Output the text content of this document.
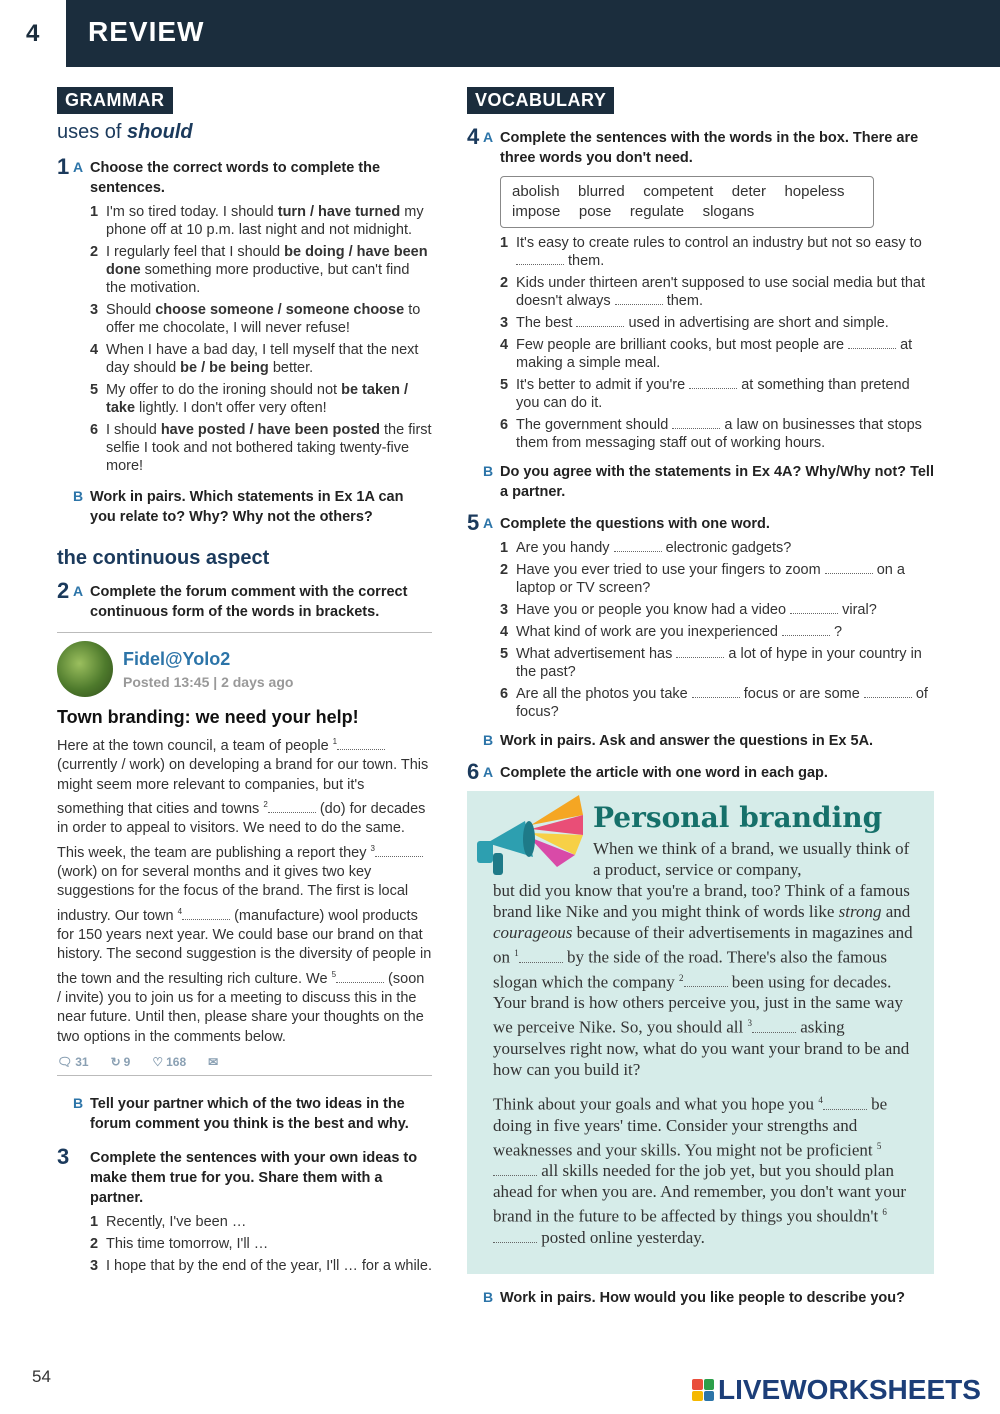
4 REVIEW
GRAMMAR
uses of should
1 A Choose the correct words to complete the sentences.
1 I'm so tired today. I should turn / have turned my phone off at 10 p.m. last night and not midnight.
2 I regularly feel that I should be doing / have been done something more productive, but can't find the motivation.
3 Should choose someone / someone choose to offer me chocolate, I will never refuse!
4 When I have a bad day, I tell myself that the next day should be / be being better.
5 My offer to do the ironing should not be taken / take lightly. I don't offer very often!
6 I should have posted / have been posted the first selfie I took and not bothered taking twenty-five more!
B Work in pairs. Which statements in Ex 1A can you relate to? Why? Why not the others?
the continuous aspect
2 A Complete the forum comment with the correct continuous form of the words in brackets.
Fidel@Yolo2
Posted 13:45 | 2 days ago
Town branding: we need your help!
Here at the town council, a team of people $^1$ (currently / work) on developing a brand for our town. This might seem more relevant to companies, but it's something that cities and towns $^2$	(do) for decades in order to appeal to visitors. We need to do the same. This week, the team are publishing a report they $^3$ (work) on for several months and it gives two key suggestions for the focus of the brand. The first is local industry. Our town $^4$	(manufacture) wool products for 150 years next year. We could base our brand on that history. The second suggestion is the diversity of people in the town and the resulting rich culture. We $^5$	(soon / invite) you to join us for a meeting to discuss this in the near future. Until then, please share your thoughts on the two options in the comments below.
🗨︎ 31 ↻ 9 ♡ 168 ✉︎
B Tell your partner which of the two ideas in the forum comment you think is the best and why.
3 Complete the sentences with your own ideas to make them true for you. Share them with a partner.
1 Recently, I've been …
2 This time tomorrow, I'll …
3 I hope that by the end of the year, I'll … for a while.
VOCABULARY
4 A Complete the sentences with the words in the box. There are three words you don't need.
abolish   blurred   competent   deter   hopeless
impose   pose   regulate   slogans
1 It's easy to create rules to control an industry but not so easy to  them.
2 Kids under thirteen aren't supposed to use social media but that doesn't always	them.
3 The best	used in advertising are short and simple.
4 Few people are brilliant cooks, but most people are	at making a simple meal.
5 It's better to admit if you're	at something than pretend you can do it.
6 The government should	a law on businesses that stops them from messaging staff out of working hours.
B Do you agree with the statements in Ex 4A? Why/Why not? Tell a partner.
5 A Complete the questions with one word.
1 Are you handy	electronic gadgets?
2 Have you ever tried to use your fingers to zoom	on a laptop or TV screen?
3 Have you or people you know had a video	viral?
4 What kind of work are you inexperienced	?
5 What advertisement has	a lot of hype in your country in the past?
6 Are all the photos you take	focus or are some	of focus?
B Work in pairs. Ask and answer the questions in Ex 5A.
6 A Complete the article with one word in each gap.
Personal branding

When we think of a brand, we usually think of a product, service or company,
but did you know that you're a brand, too? Think of a famous brand like Nike and you might think of words like strong and courageous because of their advertisements in magazines and on $^1$	by the side of the road. There's also the famous slogan which the company $^2$	been using for decades. Your brand is how others perceive you, just in the same way we perceive Nike. So, you should all $^3$	asking yourselves right now, what do you want your brand to be and how can you build it?

Think about your goals and what you hope you $^4$	be doing in five years' time. Consider your strengths and weaknesses and your skills. You might not be proficient $^5$ all skills needed for the job yet, but you should plan ahead for when you are. And remember, you don't want your brand in the future to be affected by things you shouldn't $^6$ posted online yesterday.

B Work in pairs. How would you like people to describe you?
54	LIVEWORKSHEETS
